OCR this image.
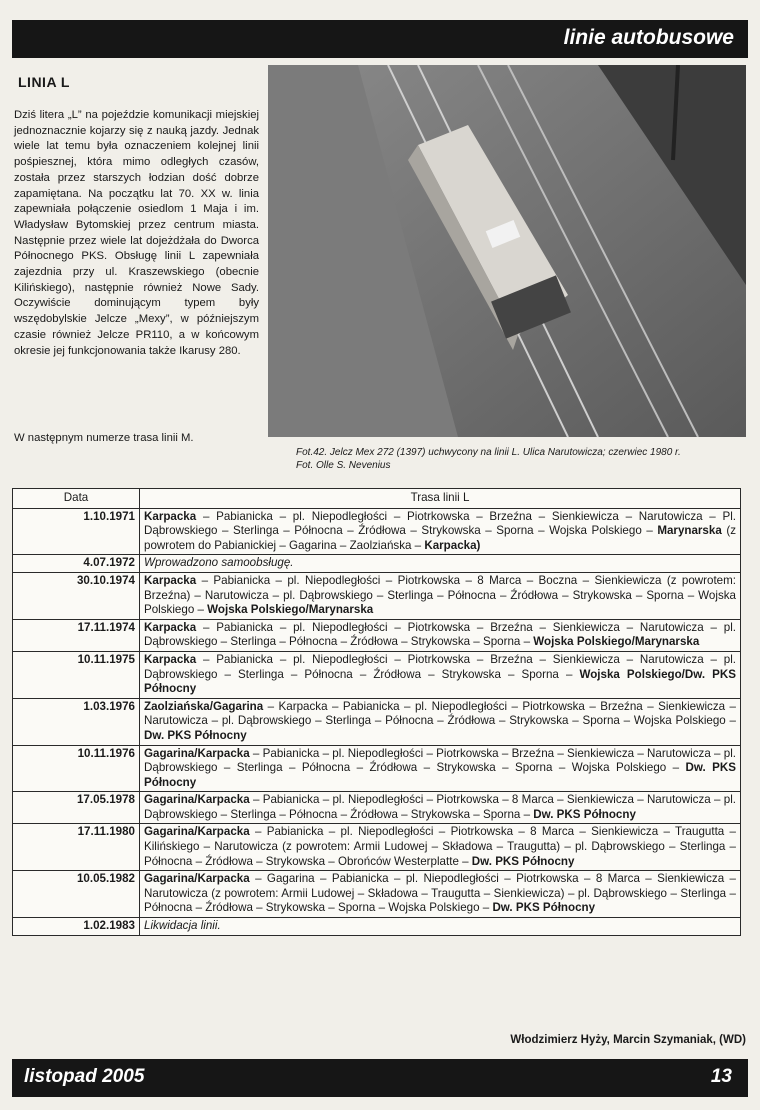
linie autobusowe
LINIA L

Dziś litera „L” na pojeździe komunikacji miejskiej jednoznacznie kojarzy się z nauką jazdy. Jednak wiele lat temu była oznaczeniem kolejnej linii pośpiesznej, która mimo odległych czasów, została przez starszych łodzian dość dobrze zapamiętana. Na początku lat 70. XX w. linia zapewniała połączenie osiedlom 1 Maja i im. Władysław Bytomskiej przez centrum miasta. Następnie przez wiele lat dojeżdżała do Dworca Północnego PKS. Obsługę linii L zapewniała zajezdnia przy ul. Kraszewskiego (obecnie Kilińskiego), następnie również Nowe Sady. Oczywiście dominującym typem były wszędobylskie Jelcze „Mexy”, w późniejszym czasie również Jelcze PR110, a w końcowym okresie jej funkcjonowania także Ikarusy 280.

W następnym numerze trasa linii M.
Fot.42. Jelcz Mex 272 (1397) uchwycony na linii L. Ulica Narutowicza; czerwiec 1980 r.
Fot. Olle S. Nevenius
Data	Trasa linii L
1.10.1971	Karpacka – Pabianicka – pl. Niepodległości – Piotrkowska – Brzeźna – Sienkiewicza – Narutowicza – Pl. Dąbrowskiego – Sterlinga – Północna – Źródłowa – Strykowska – Sporna – Wojska Polskiego – Marynarska (z powrotem do Pabianickiej – Gagarina – Zaolziańska – Karpacka)
4.07.1972	Wprowadzono samoobsługę.
30.10.1974	Karpacka – Pabianicka – pl. Niepodległości – Piotrkowska – 8 Marca – Boczna – Sienkiewicza (z powrotem: Brzeźna) – Narutowicza – pl. Dąbrowskiego – Sterlinga – Północna – Źródłowa – Strykowska – Sporna – Wojska Polskiego – Wojska Polskiego/Marynarska
17.11.1974	Karpacka – Pabianicka – pl. Niepodległości – Piotrkowska – Brzeźna – Sienkiewicza – Narutowicza – pl. Dąbrowskiego – Sterlinga – Północna – Źródłowa – Strykowska – Sporna – Wojska Polskiego/Marynarska
10.11.1975	Karpacka – Pabianicka – pl. Niepodległości – Piotrkowska – Brzeźna – Sienkiewicza – Narutowicza – pl. Dąbrowskiego – Sterlinga – Północna – Źródłowa – Strykowska – Sporna – Wojska Polskiego/Dw. PKS Północny
1.03.1976	Zaolziańska/Gagarina – Karpacka – Pabianicka – pl. Niepodległości – Piotrkowska – Brzeźna – Sienkiewicza – Narutowicza – pl. Dąbrowskiego – Sterlinga – Północna – Źródłowa – Strykowska – Sporna – Wojska Polskiego – Dw. PKS Północny
10.11.1976	Gagarina/Karpacka – Pabianicka – pl. Niepodległości – Piotrkowska – Brzeźna – Sienkiewicza – Narutowicza – pl. Dąbrowskiego – Sterlinga – Północna – Źródłowa – Strykowska – Sporna – Wojska Polskiego – Dw. PKS Północny
17.05.1978	Gagarina/Karpacka – Pabianicka – pl. Niepodległości – Piotrkowska – 8 Marca – Sienkiewicza – Narutowicza – pl. Dąbrowskiego – Sterlinga – Północna – Źródłowa – Strykowska – Sporna – Dw. PKS Północny
17.11.1980	Gagarina/Karpacka – Pabianicka – pl. Niepodległości – Piotrkowska – 8 Marca – Sienkiewicza – Traugutta – Kilińskiego – Narutowicza (z powrotem: Armii Ludowej – Składowa – Traugutta) – pl. Dąbrowskiego – Sterlinga – Północna – Źródłowa – Strykowska – Obrońców Westerplatte – Dw. PKS Północny
10.05.1982	Gagarina/Karpacka – Gagarina – Pabianicka – pl. Niepodległości – Piotrkowska – 8 Marca – Sienkiewicza – Narutowicza (z powrotem: Armii Ludowej – Składowa – Traugutta – Sienkiewicza) – pl. Dąbrowskiego – Sterlinga – Północna – Źródłowa – Strykowska – Sporna – Wojska Polskiego – Dw. PKS Północny
1.02.1983	Likwidacja linii.
Włodzimierz Hyży, Marcin Szymaniak, (WD)
listopad 2005	13
